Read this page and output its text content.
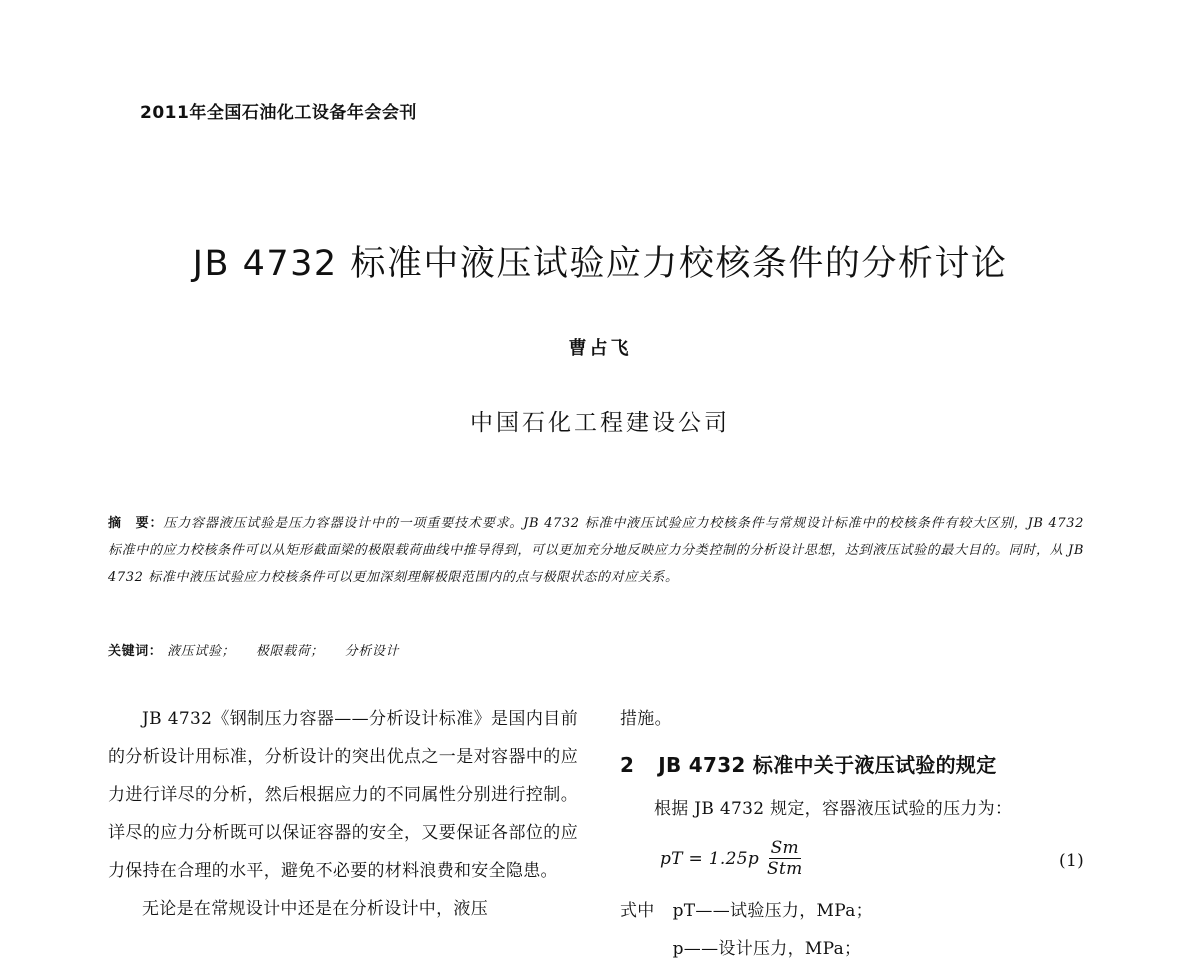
2011年全国石油化工设备年会会刊
JB 4732 标准中液压试验应力校核条件的分析讨论
曹占飞
中国石化工程建设公司
摘　要：压力容器液压试验是压力容器设计中的一项重要技术要求。JB 4732 标准中液压试验应力校核条件与常规设计标准中的校核条件有较大区别，JB 4732 标准中的应力校核条件可以从矩形截面梁的极限载荷曲线中推导得到，可以更加充分地反映应力分类控制的分析设计思想，达到液压试验的最大目的。同时，从 JB 4732 标准中液压试验应力校核条件可以更加深刻理解极限范围内的点与极限状态的对应关系。
关键词： 液压试验； 极限载荷； 分析设计

JB 4732《钢制压力容器——分析设计标准》是国内目前的分析设计用标准，分析设计的突出优点之一是对容器中的应力进行详尽的分析，然后根据应力的不同属性分别进行控制。详尽的应力分析既可以保证容器的安全，又要保证各部位的应力保持在合理的水平，避免不必要的材料浪费和安全隐患。

无论是在常规设计中还是在分析设计中，液压

措施。

2 JB 4732 标准中关于液压试验的规定

根据 JB 4732 规定，容器液压试验的压力为：

pT = $1.25p \frac{Sm}{\text{Stm}}$	(1)
式中 pT——试验压力，MPa；
p——设计压力，MPa；
